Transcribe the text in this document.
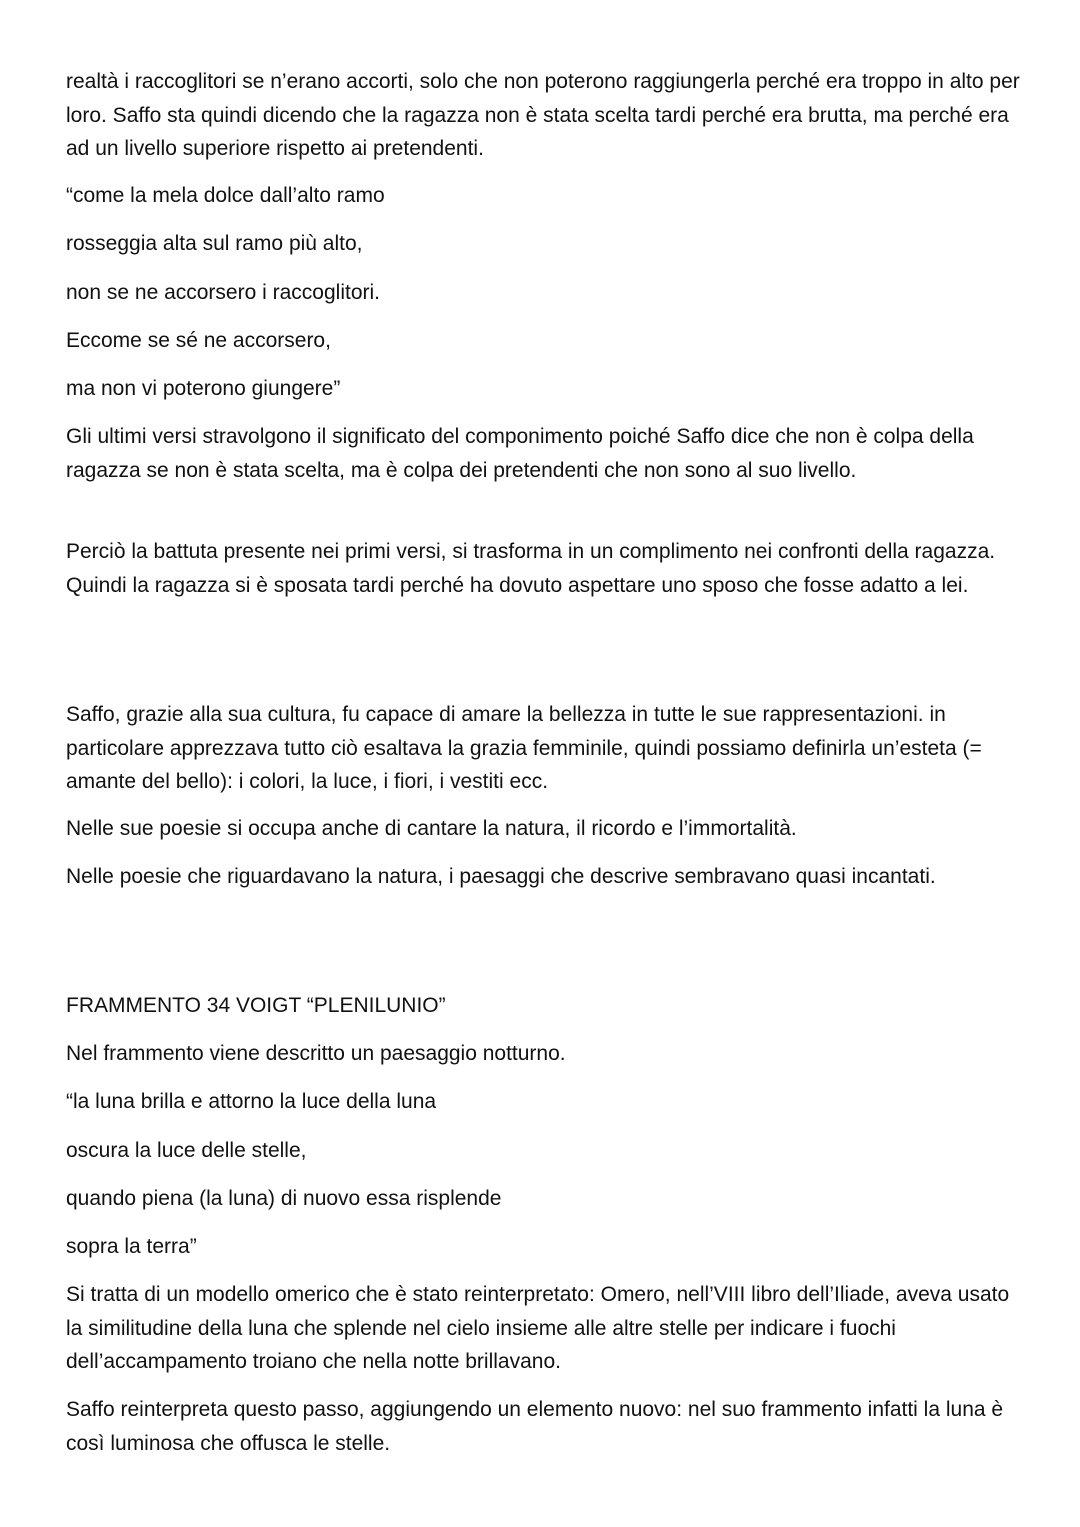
realtà i raccoglitori se n’erano accorti, solo che non poterono raggiungerla perché era troppo in alto per loro. Saffo sta quindi dicendo che la ragazza non è stata scelta tardi perché era brutta, ma perché era ad un livello superiore rispetto ai pretendenti.

“come la mela dolce dall’alto ramo

rosseggia alta sul ramo più alto,

non se ne accorsero i raccoglitori.

Eccome se sé ne accorsero,

ma non vi poterono giungere”

Gli ultimi versi stravolgono il significato del componimento poiché Saffo dice che non è colpa della ragazza se non è stata scelta, ma è colpa dei pretendenti che non sono al suo livello.

Perciò la battuta presente nei primi versi, si trasforma in un complimento nei confronti della ragazza. Quindi la ragazza si è sposata tardi perché ha dovuto aspettare uno sposo che fosse adatto a lei.

Saffo, grazie alla sua cultura, fu capace di amare la bellezza in tutte le sue rappresentazioni. in particolare apprezzava tutto ciò esaltava la grazia femminile, quindi possiamo definirla un’esteta (= amante del bello): i colori, la luce, i fiori, i vestiti ecc.

Nelle sue poesie si occupa anche di cantare la natura, il ricordo e l’immortalità.

Nelle poesie che riguardavano la natura, i paesaggi che descrive sembravano quasi incantati.

FRAMMENTO 34 VOIGT “PLENILUNIO”

Nel frammento viene descritto un paesaggio notturno.

“la luna brilla e attorno la luce della luna

oscura la luce delle stelle,

quando piena (la luna) di nuovo essa risplende

sopra la terra”

Si tratta di un modello omerico che è stato reinterpretato: Omero, nell’VIII libro dell’Iliade, aveva usato la similitudine della luna che splende nel cielo insieme alle altre stelle per indicare i fuochi dell’accampamento troiano che nella notte brillavano.

Saffo reinterpreta questo passo, aggiungendo un elemento nuovo: nel suo frammento infatti la luna è così luminosa che offusca le stelle.
